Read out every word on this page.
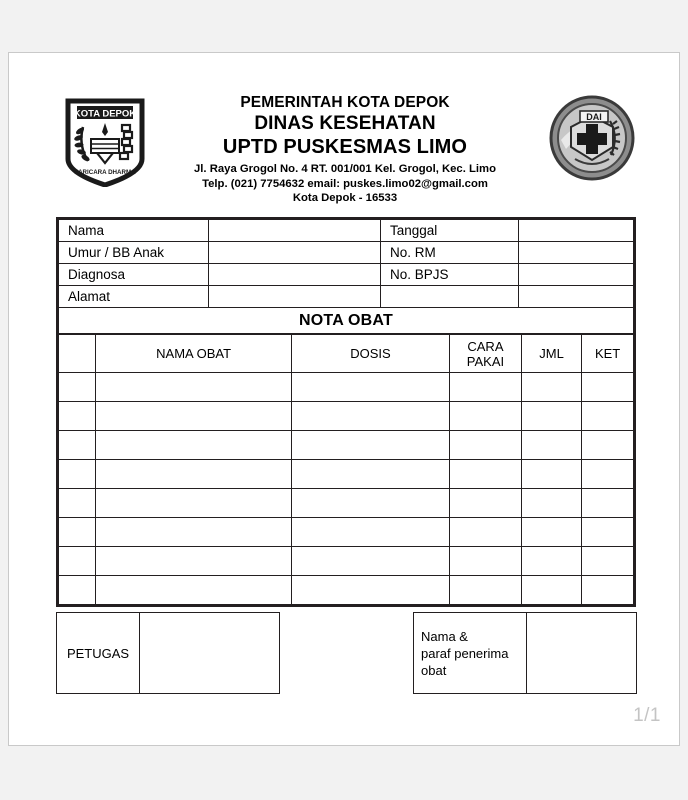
KOTA DEPOK
PARICARA DHARMA
PEMERINTAH KOTA DEPOK
DINAS KESEHATAN
UPTD PUSKESMAS LIMO
Jl. Raya Grogol No. 4 RT. 001/001 Kel. Grogol, Kec. Limo
Telp. (021) 7754632 email: puskes.limo02@gmail.com
Kota Depok - 16533
DAI
Nama		Tanggal	
Umur / BB Anak		No. RM	
Diagnosa		No. BPJS	
Alamat			
NOTA OBAT			
	NAMA OBAT	DOSIS	CARA
PAKAI	JML	KET

PETUGAS
Nama &
paraf penerima
obat
1/1
